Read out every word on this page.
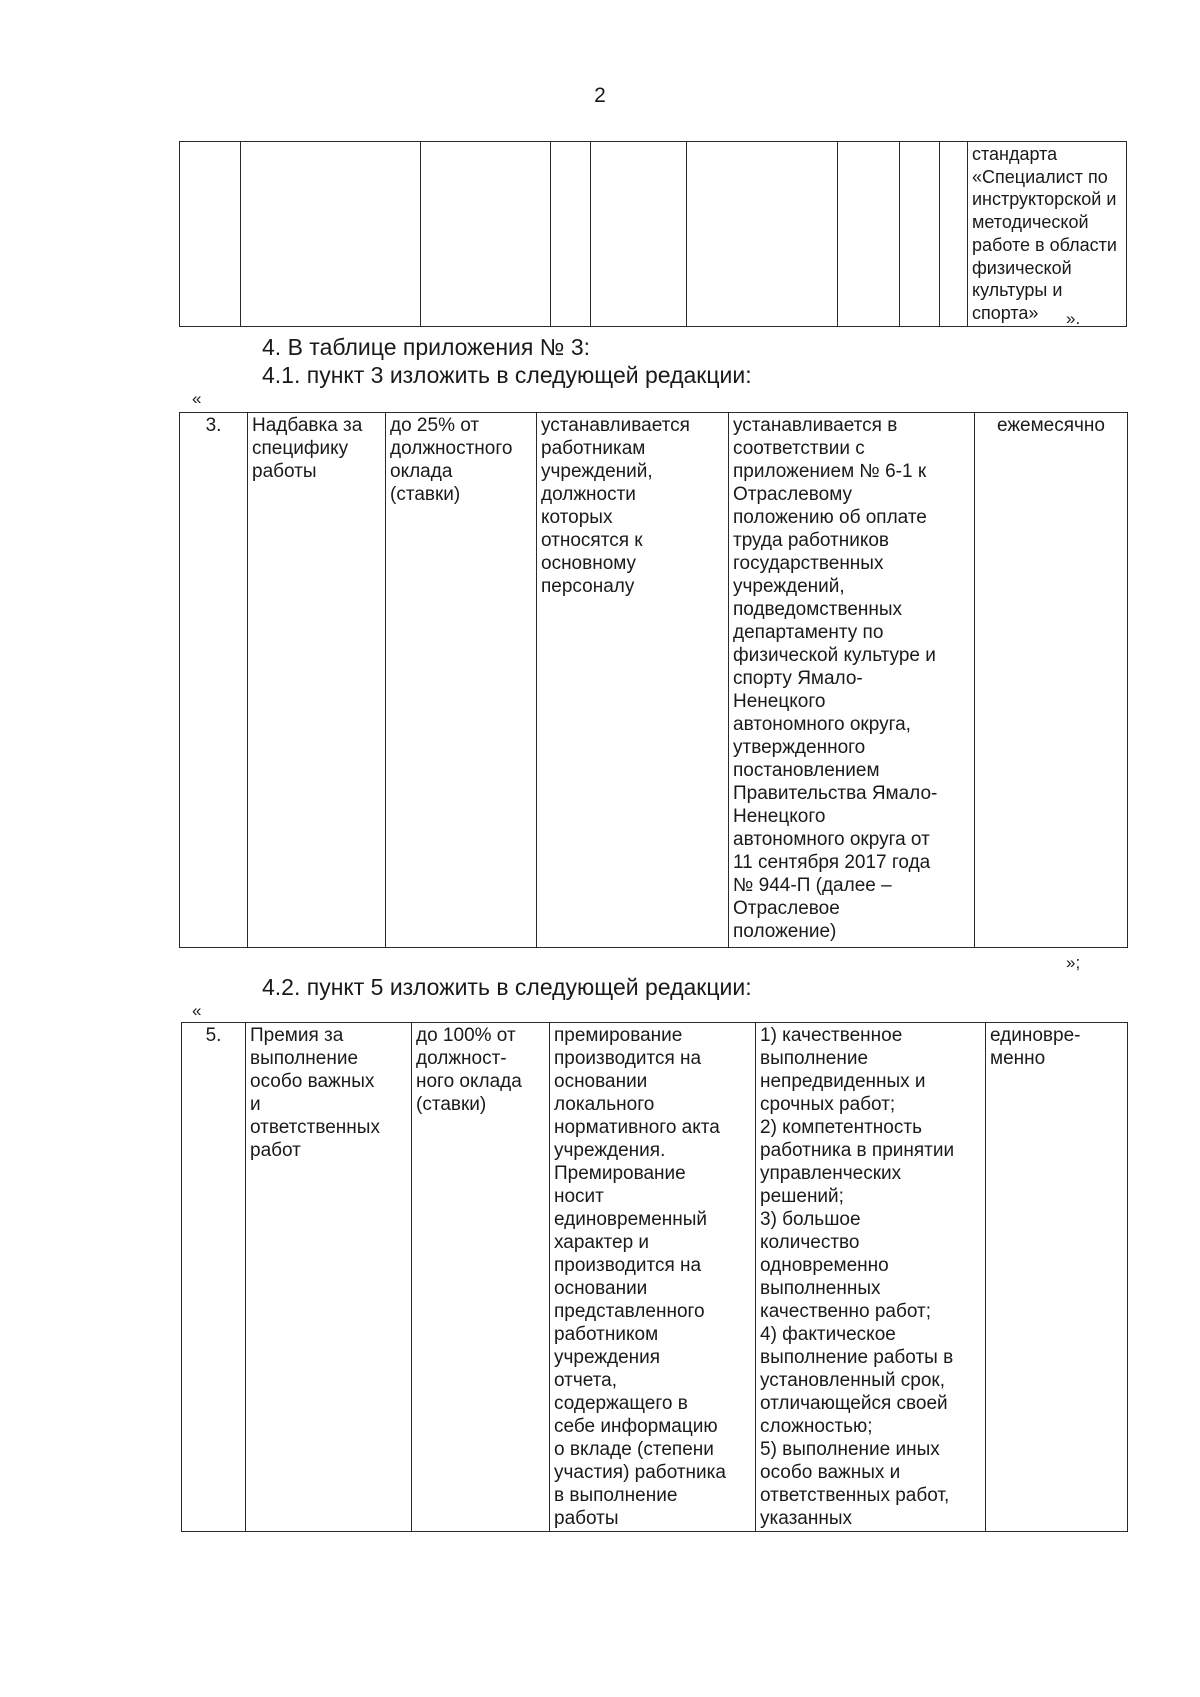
2
									стандарта
«Специалист по
инструкторской и
методической
работе в области
физической
культуры и спорта» ».
4. В таблице приложения № 3:
4.1. пункт 3 изложить в следующей редакции:
«
3.	Надбавка за
специфику
работы	до 25% от
должностного
оклада
(ставки)	устанавливается
работникам
учреждений,
должности
которых
относятся к
основному
персоналу	устанавливается в
соответствии с
приложением № 6-1 к
Отраслевому
положению об оплате
труда работников
государственных
учреждений,
подведомственных
департаменту по
физической культуре и
спорту Ямало-
Ненецкого
автономного округа,
утвержденного
постановлением
Правительства Ямало-
Ненецкого
автономного округа от
11 сентября 2017 года
№ 944-П (далее –
Отраслевое
положение)	ежемесячно
»;
4.2. пункт 5 изложить в следующей редакции:
«
5.	Премия за
выполнение
особо важных
и
ответственных
работ	до 100% от
должност-
ного оклада
(ставки)	премирование
производится на
основании
локального
нормативного акта
учреждения.
Премирование
носит
единовременный
характер и
производится на
основании
представленного
работником
учреждения
отчета,
содержащего в
себе информацию
о вкладе (степени
участия) работника
в выполнение
работы	1) качественное
выполнение
непредвиденных и
срочных работ;
2) компетентность
работника в принятии
управленческих
решений;
3) большое
количество
одновременно
выполненных
качественно работ;
4) фактическое
выполнение работы в
установленный срок,
отличающейся своей
сложностью;
5) выполнение иных
особо важных и
ответственных работ,
указанных	единовре-
менно
